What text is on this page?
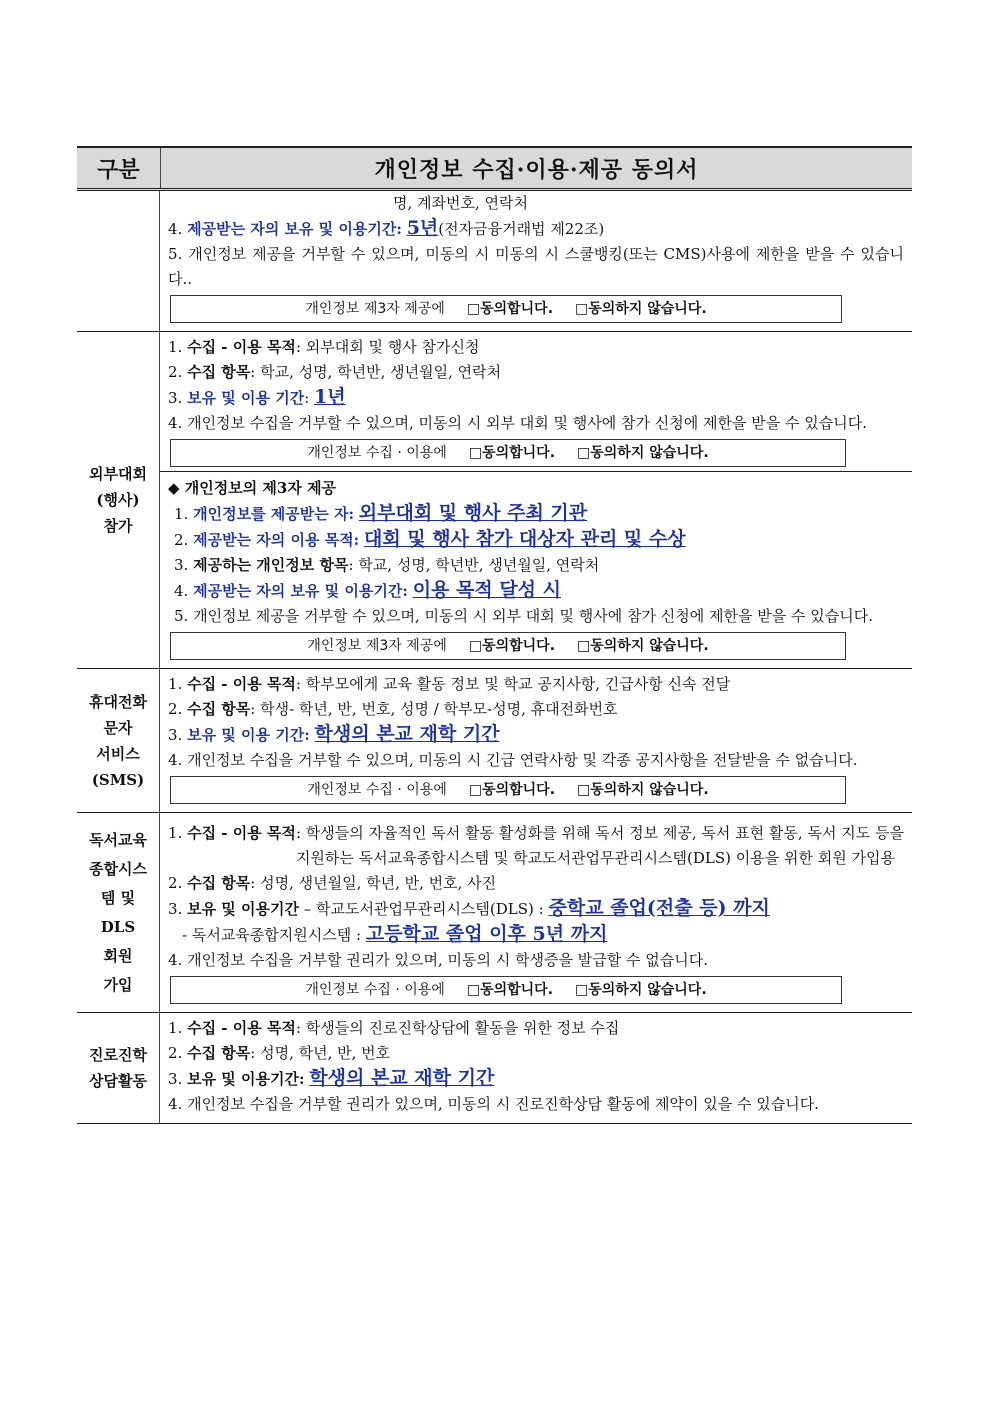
구분	개인정보 수집·이용·제공 동의서
명, 계좌번호, 연락처
4. 제공받는 자의 보유 및 이용기간: 5년(전자금융거래법 제22조)
5. 개인정보 제공을 거부할 수 있으며, 미동의 시 미동의 시 스쿨뱅킹(또는 CMS)사용에 제한을 받을 수 있습니다..
개인정보 제3자 제공에 □동의합니다. □동의하지 않습니다.
외부대회
(행사)
참가
1. 수집 - 이용 목적: 외부대회 및 행사 참가신청
2. 수집 항목: 학교, 성명, 학년반, 생년월일, 연락처
3. 보유 및 이용 기간: 1년
4. 개인정보 수집을 거부할 수 있으며, 미동의 시 외부 대회 및 행사에 참가 신청에 제한을 받을 수 있습니다.
개인정보 수집 · 이용에 □동의합니다. □동의하지 않습니다.
◆ 개인정보의 제3자 제공
1. 개인정보를 제공받는 자: 외부대회 및 행사 주최 기관
2. 제공받는 자의 이용 목적: 대회 및 행사 참가 대상자 관리 및 수상
3. 제공하는 개인정보 항목: 학교, 성명, 학년반, 생년월일, 연락처
4. 제공받는 자의 보유 및 이용기간: 이용 목적 달성 시
5. 개인정보 제공을 거부할 수 있으며, 미동의 시 외부 대회 및 행사에 참가 신청에 제한을 받을 수 있습니다.
개인정보 제3자 제공에 □동의합니다. □동의하지 않습니다.
휴대전화
문자
서비스
(SMS)
1. 수집 - 이용 목적: 학부모에게 교육 활동 정보 및 학교 공지사항, 긴급사항 신속 전달
2. 수집 항목: 학생- 학년, 반, 번호, 성명 / 학부모-성명, 휴대전화번호
3. 보유 및 이용 기간: 학생의 본교 재학 기간
4. 개인정보 수집을 거부할 수 있으며, 미동의 시 긴급 연락사항 및 각종 공지사항을 전달받을 수 없습니다.
개인정보 수집 · 이용에 □동의합니다. □동의하지 않습니다.
독서교육
종합시스
템 및
DLS
회원
가입
1. 수집 - 이용 목적 : 학생들의 자율적인 독서 활동 활성화를 위해 독서 정보 제공, 독서 표현 활동, 독서 지도 등을 지원하는 독서교육종합시스템 및 학교도서관업무관리시스템(DLS) 이용을 위한 회원 가입용
2. 수집 항목: 성명, 생년월일, 학년, 반, 번호, 사진
3. 보유 및 이용기간 – 학교도서관업무관리시스템(DLS) : 중학교 졸업(전출 등) 까지
- 독서교육종합지원시스템 : 고등학교 졸업 이후 5년 까지
4. 개인정보 수집을 거부할 권리가 있으며, 미동의 시 학생증을 발급할 수 없습니다.
개인정보 수집 · 이용에 □동의합니다. □동의하지 않습니다.
진로진학
상담활동
1. 수집 - 이용 목적: 학생들의 진로진학상담에 활동을 위한 정보 수집
2. 수집 항목: 성명, 학년, 반, 번호
3. 보유 및 이용기간: 학생의 본교 재학 기간
4. 개인정보 수집을 거부할 권리가 있으며, 미동의 시 진로진학상담 활동에 제약이 있을 수 있습니다.
